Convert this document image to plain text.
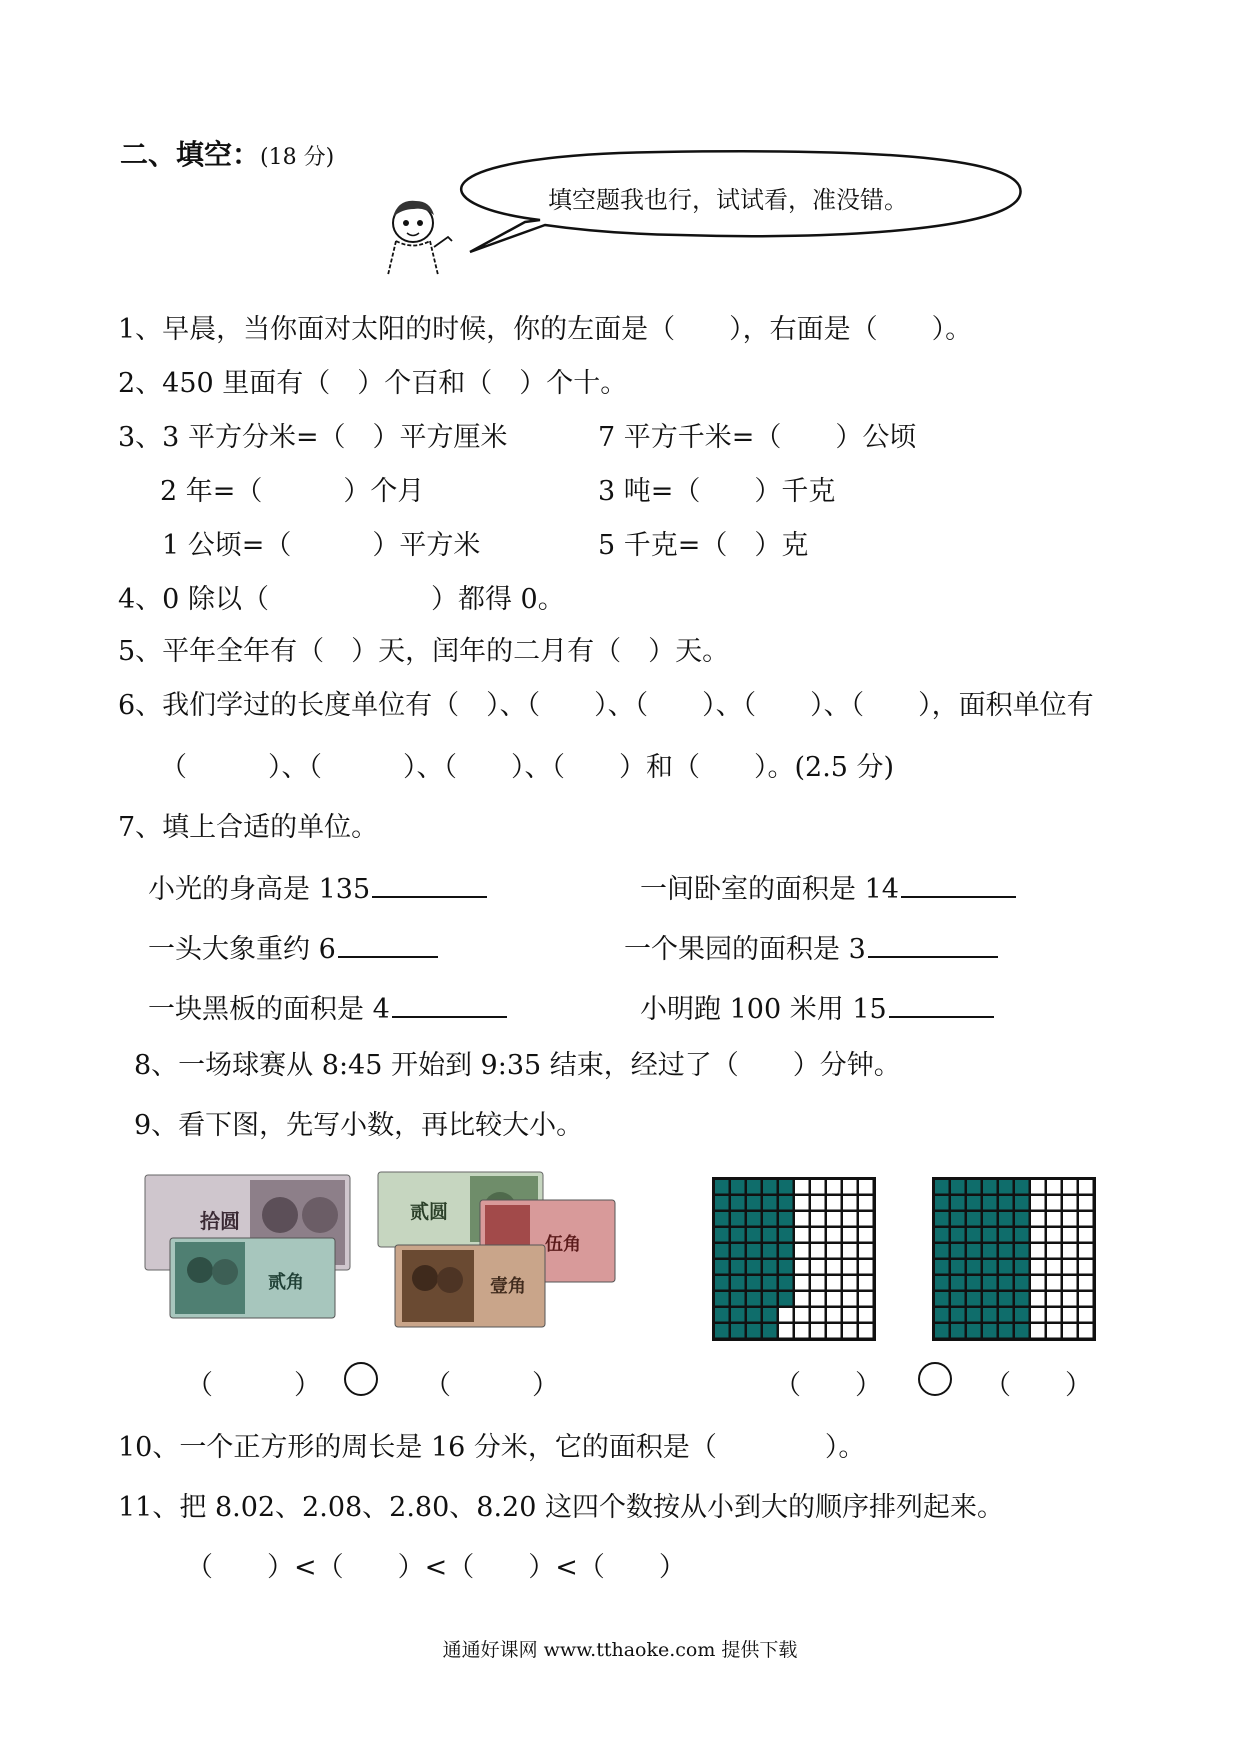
二、填空：(18 分)
填空题我也行，试试看，准没错。
1、早晨，当你面对太阳的时候，你的左面是（　　），右面是（　　）。
2、450 里面有（　）个百和（　）个十。
3、3 平方分米=（　）平方厘米	7 平方千米=（　　）公顷
2 年=（　　　）个月	3 吨=（　　）千克
1 公顷=（　　　）平方米	5 千克=（　）克
4、0 除以（　　　　　　）都得 0。
5、平年全年有（　）天，闰年的二月有（　）天。
6、我们学过的长度单位有（　）、（　　）、（　　）、（　　）、（　　），面积单位有
（　　　）、（　　　）、（　　）、（　　）和（　　）。(2.5 分)
7、填上合适的单位。
小光的身高是 135	一间卧室的面积是 14
一头大象重约 6	一个果园的面积是 3
一块黑板的面积是 4	小明跑 100 米用 15
8、一场球赛从 8:45 开始到 9:35 结束，经过了（　　）分钟。
9、看下图，先写小数，再比较大小。
拾圆
贰角
贰圆
伍角
壹角
（　　　）	（　　　）	（　　）	（　　）
10、一个正方形的周长是 16 分米，它的面积是（　　　　）。
11、把 8.02、2.08、2.80、8.20 这四个数按从小到大的顺序排列起来。
（　　）<（　　）<（　　）<（　　）
通通好课网 www.tthaoke.com 提供下载
